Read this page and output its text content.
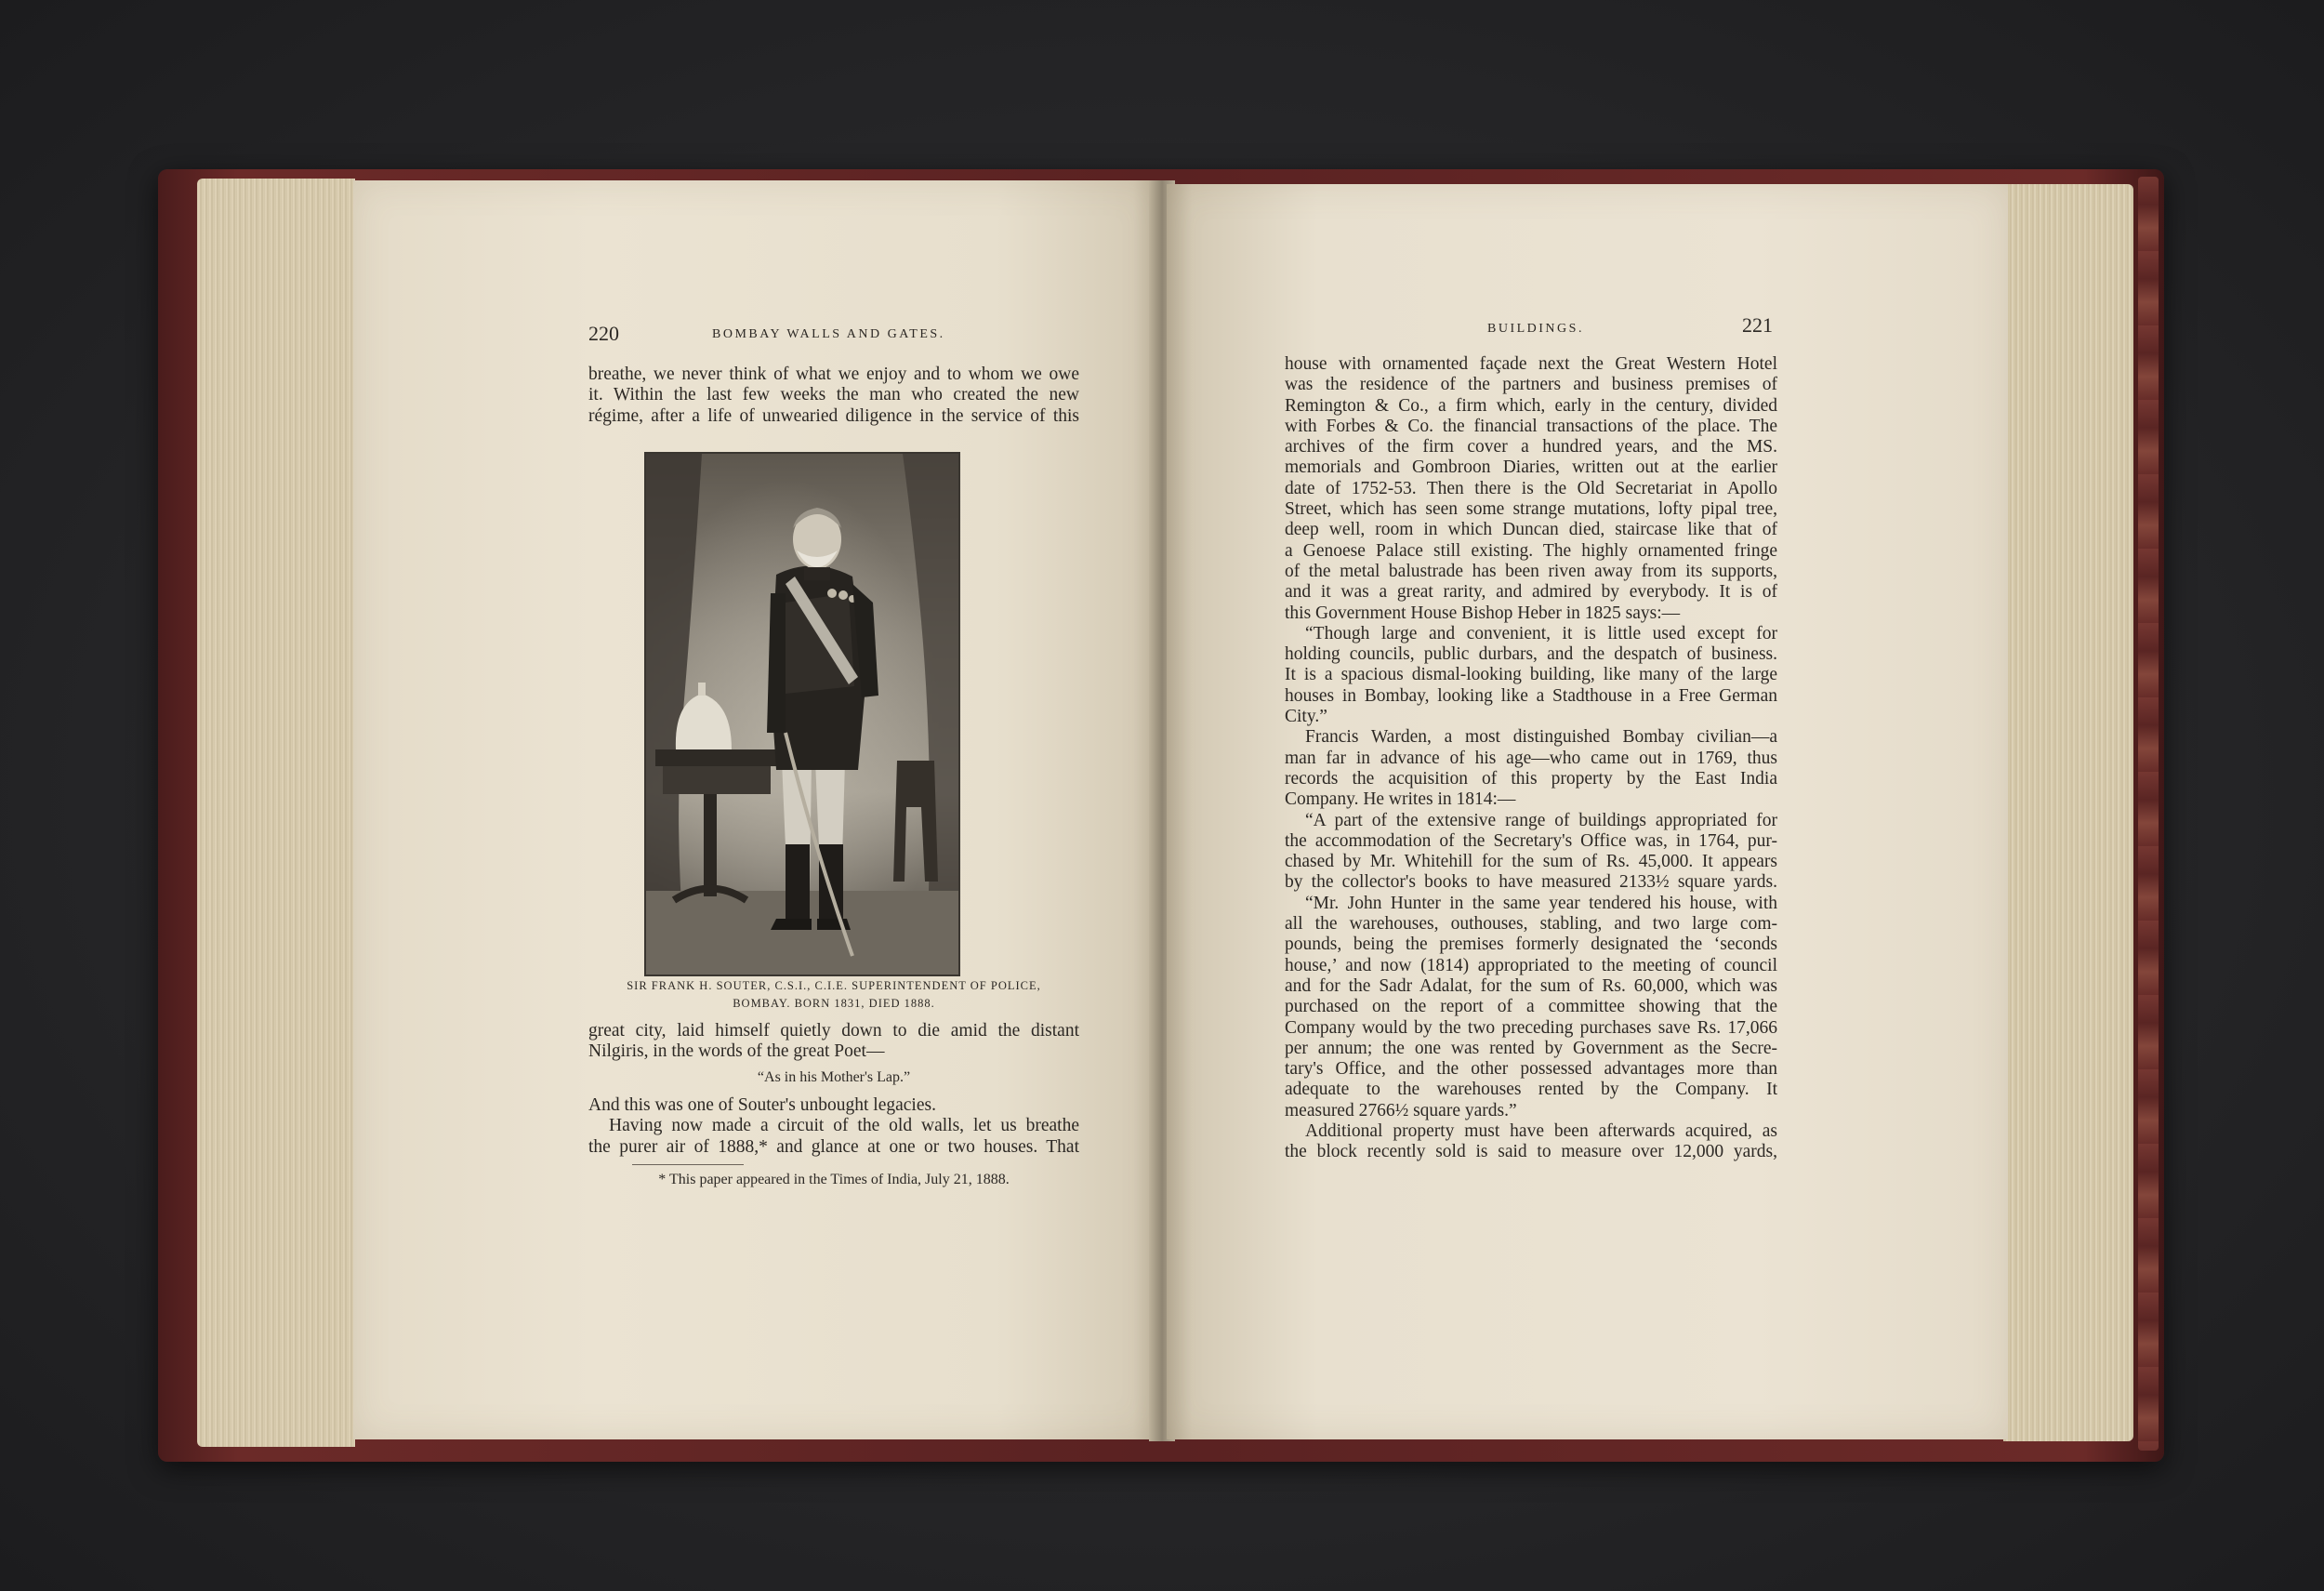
220	BOMBAY WALLS AND GATES.
breathe, we never think of what we enjoy and to whom we owe
it. Within the last few weeks the man who created the new
régime, after a life of unwearied diligence in the service of this
SIR FRANK H. SOUTER, C.S.I., C.I.E. SUPERINTENDENT OF POLICE,
BOMBAY. BORN 1831, DIED 1888.
great city, laid himself quietly down to die amid the distant
Nilgiris, in the words of the great Poet—
“As in his Mother's Lap.”
And this was one of Souter's unbought legacies.
Having now made a circuit of the old walls, let us breathe
the purer air of 1888,* and glance at one or two houses. That
* This paper appeared in the Times of India, July 21, 1888.
BUILDINGS.	221
house with ornamented façade next the Great Western Hotel
was the residence of the partners and business premises of
Remington & Co., a firm which, early in the century, divided
with Forbes & Co. the financial transactions of the place. The
archives of the firm cover a hundred years, and the MS.
memorials and Gombroon Diaries, written out at the earlier
date of 1752-53. Then there is the Old Secretariat in Apollo
Street, which has seen some strange mutations, lofty pipal tree,
deep well, room in which Duncan died, staircase like that of
a Genoese Palace still existing. The highly ornamented fringe
of the metal balustrade has been riven away from its supports,
and it was a great rarity, and admired by everybody. It is of
this Government House Bishop Heber in 1825 says:—
“Though large and convenient, it is little used except for
holding councils, public durbars, and the despatch of business.
It is a spacious dismal-looking building, like many of the large
houses in Bombay, looking like a Stadthouse in a Free German
City.”
Francis Warden, a most distinguished Bombay civilian—a
man far in advance of his age—who came out in 1769, thus
records the acquisition of this property by the East India
Company. He writes in 1814:—
“A part of the extensive range of buildings appropriated for
the accommodation of the Secretary's Office was, in 1764, pur-
chased by Mr. Whitehill for the sum of Rs. 45,000. It appears
by the collector's books to have measured 2133½ square yards.
“Mr. John Hunter in the same year tendered his house, with
all the warehouses, outhouses, stabling, and two large com-
pounds, being the premises formerly designated the ‘seconds
house,’ and now (1814) appropriated to the meeting of council
and for the Sadr Adalat, for the sum of Rs. 60,000, which was
purchased on the report of a committee showing that the
Company would by the two preceding purchases save Rs. 17,066
per annum; the one was rented by Government as the Secre-
tary's Office, and the other possessed advantages more than
adequate to the warehouses rented by the Company. It
measured 2766½ square yards.”
Additional property must have been afterwards acquired, as
the block recently sold is said to measure over 12,000 yards,
